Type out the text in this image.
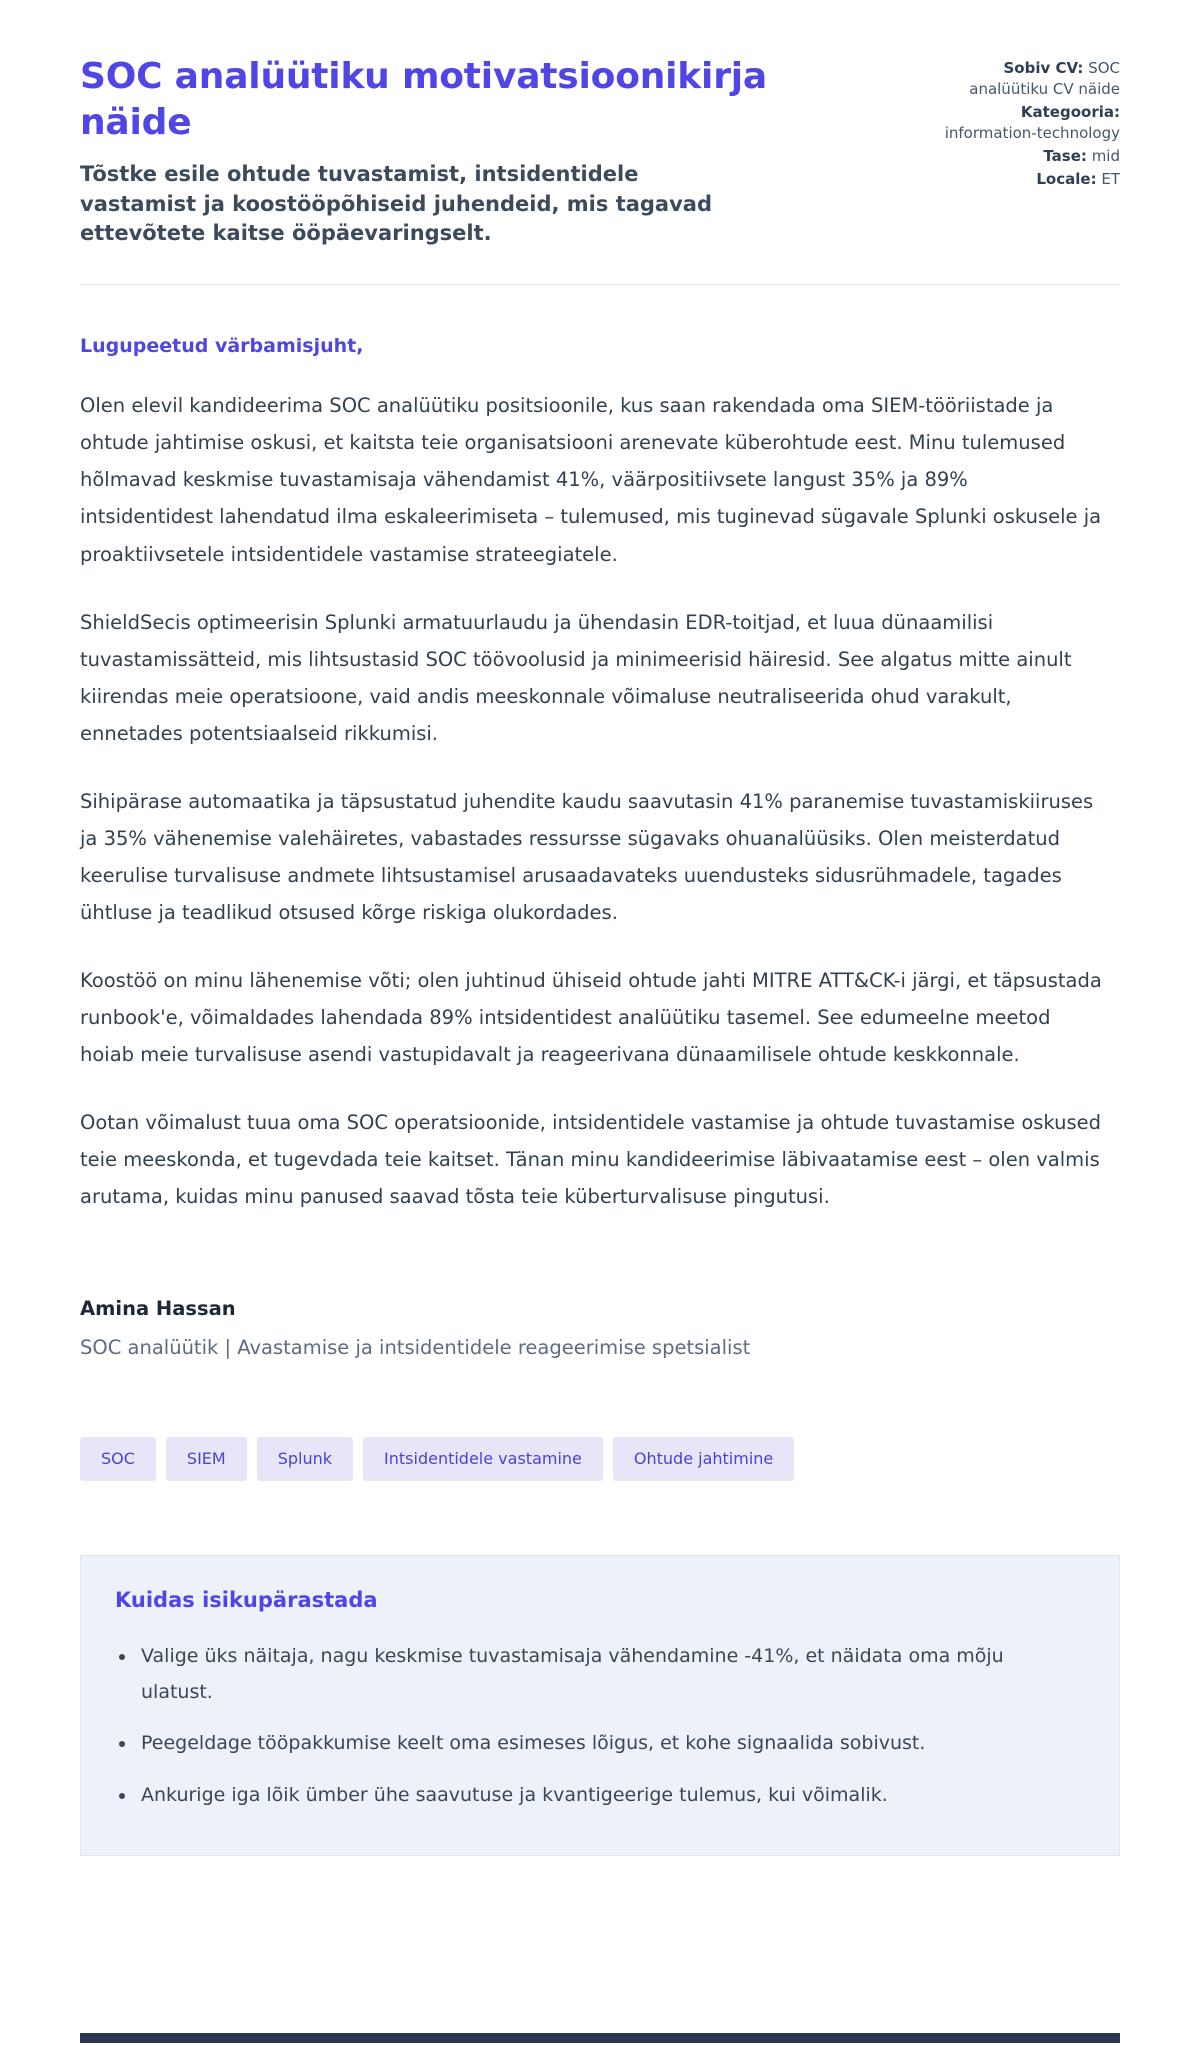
SOC analüütiku motivatsioonikirja näide
Tõstke esile ohtude tuvastamist, intsidentidele vastamist ja koostööpõhiseid juhendeid, mis tagavad ettevõtete kaitse ööpäevaringselt.
Sobiv CV: SOC analüütiku CV näide
Kategooria: information-technology
Tase: mid
Locale: ET
Lugupeetud värbamisjuht,

Olen elevil kandideerima SOC analüütiku positsioonile, kus saan rakendada oma SIEM-tööriistade ja ohtude jahtimise oskusi, et kaitsta teie organisatsiooni arenevate küberohtude eest. Minu tulemused hõlmavad keskmise tuvastamisaja vähendamist 41%, väärpositiivsete langust 35% ja 89% intsidentidest lahendatud ilma eskaleerimiseta – tulemused, mis tuginevad sügavale Splunki oskusele ja proaktiivsetele intsidentidele vastamise strateegiatele.

ShieldSecis optimeerisin Splunki armatuurlaudu ja ühendasin EDR-toitjad, et luua dünaamilisi tuvastamissätteid, mis lihtsustasid SOC töövoolusid ja minimeerisid häiresid. See algatus mitte ainult kiirendas meie operatsioone, vaid andis meeskonnale võimaluse neutraliseerida ohud varakult, ennetades potentsiaalseid rikkumisi.

Sihipärase automaatika ja täpsustatud juhendite kaudu saavutasin 41% paranemise tuvastamiskiiruses ja 35% vähenemise valehäiretes, vabastades ressursse sügavaks ohuanalüüsiks. Olen meisterdatud keerulise turvalisuse andmete lihtsustamisel arusaadavateks uuendusteks sidusrühmadele, tagades ühtluse ja teadlikud otsused kõrge riskiga olukordades.

Koostöö on minu lähenemise võti; olen juhtinud ühiseid ohtude jahti MITRE ATT&CK-i järgi, et täpsustada runbook'e, võimaldades lahendada 89% intsidentidest analüütiku tasemel. See edumeelne meetod hoiab meie turvalisuse asendi vastupidavalt ja reageerivana dünaamilisele ohtude keskkonnale.

Ootan võimalust tuua oma SOC operatsioonide, intsidentidele vastamise ja ohtude tuvastamise oskused teie meeskonda, et tugevdada teie kaitset. Tänan minu kandideerimise läbivaatamise eest – olen valmis arutama, kuidas minu panused saavad tõsta teie küberturvalisuse pingutusi.

Amina Hassan
SOC analüütik | Avastamise ja intsidentidele reageerimise spetsialist
SOC	SIEM	Splunk	Intsidentidele vastamine	Ohtude jahtimine
Kuidas isikupärastada
• Valige üks näitaja, nagu keskmise tuvastamisaja vähendamine -41%, et näidata oma mõju ulatust.
• Peegeldage tööpakkumise keelt oma esimeses lõigus, et kohe signaalida sobivust.
• Ankurige iga lõik ümber ühe saavutuse ja kvantigeerige tulemus, kui võimalik.
